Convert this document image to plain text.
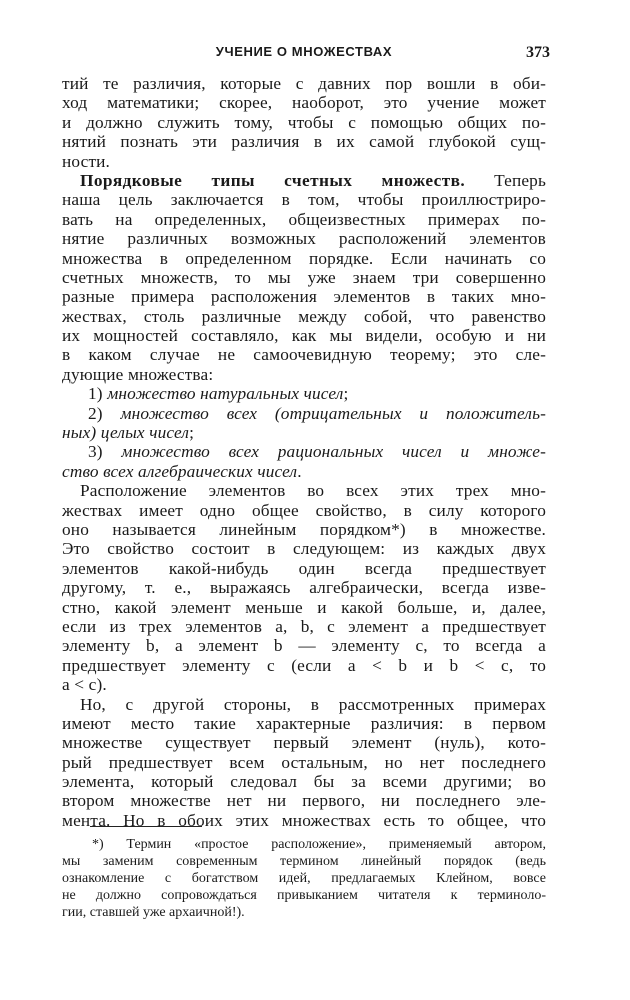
УЧЕНИЕ О МНОЖЕСТВАХ	373
тий те различия, которые с давних пор вошли в оби-
ход математики; скорее, наоборот, это учение может
и должно служить тому, чтобы с помощью общих по-
нятий познать эти различия в их самой глубокой сущ-
ности.
Порядковые типы счетных множеств. Теперь
наша цель заключается в том, чтобы проиллюстриро-
вать на определенных, общеизвестных примерах по-
нятие различных возможных расположений элементов
множества в определенном порядке. Если начинать со
счетных множеств, то мы уже знаем три совершенно
разные примера расположения элементов в таких мно-
жествах, столь различные между собой, что равенство
их мощностей составляло, как мы видели, особую и ни
в каком случае не самоочевидную теорему; это сле-
дующие множества:
1) множество натуральных чисел;
2) множество всех (отрицательных и положитель-
ных) целых чисел;
3) множество всех рациональных чисел и множе-
ство всех алгебраических чисел.
Расположение элементов во всех этих трех мно-
жествах имеет одно общее свойство, в силу которого
оно называется линейным порядком*) в множестве.
Это свойство состоит в следующем: из каждых двух
элементов какой-нибудь один всегда предшествует
другому, т. е., выражаясь алгебраически, всегда изве-
стно, какой элемент меньше и какой больше, и, далее,
если из трех элементов a, b, c элемент a предшествует
элементу b, а элемент b — элементу c, то всегда a
предшествует элементу c (если a < b и b < c, то
a < c).
Но, с другой стороны, в рассмотренных примерах
имеют место такие характерные различия: в первом
множестве существует первый элемент (нуль), кото-
рый предшествует всем остальным, но нет последнего
элемента, который следовал бы за всеми другими; во
втором множестве нет ни первого, ни последнего эле-
мента. Но в обоих этих множествах есть то общее, что
*) Термин «простое расположение», применяемый автором,
мы заменим современным термином линейный порядок (ведь
ознакомление с богатством идей, предлагаемых Клейном, вовсе
не должно сопровождаться привыканием читателя к терминоло-
гии, ставшей уже архаичной!).
